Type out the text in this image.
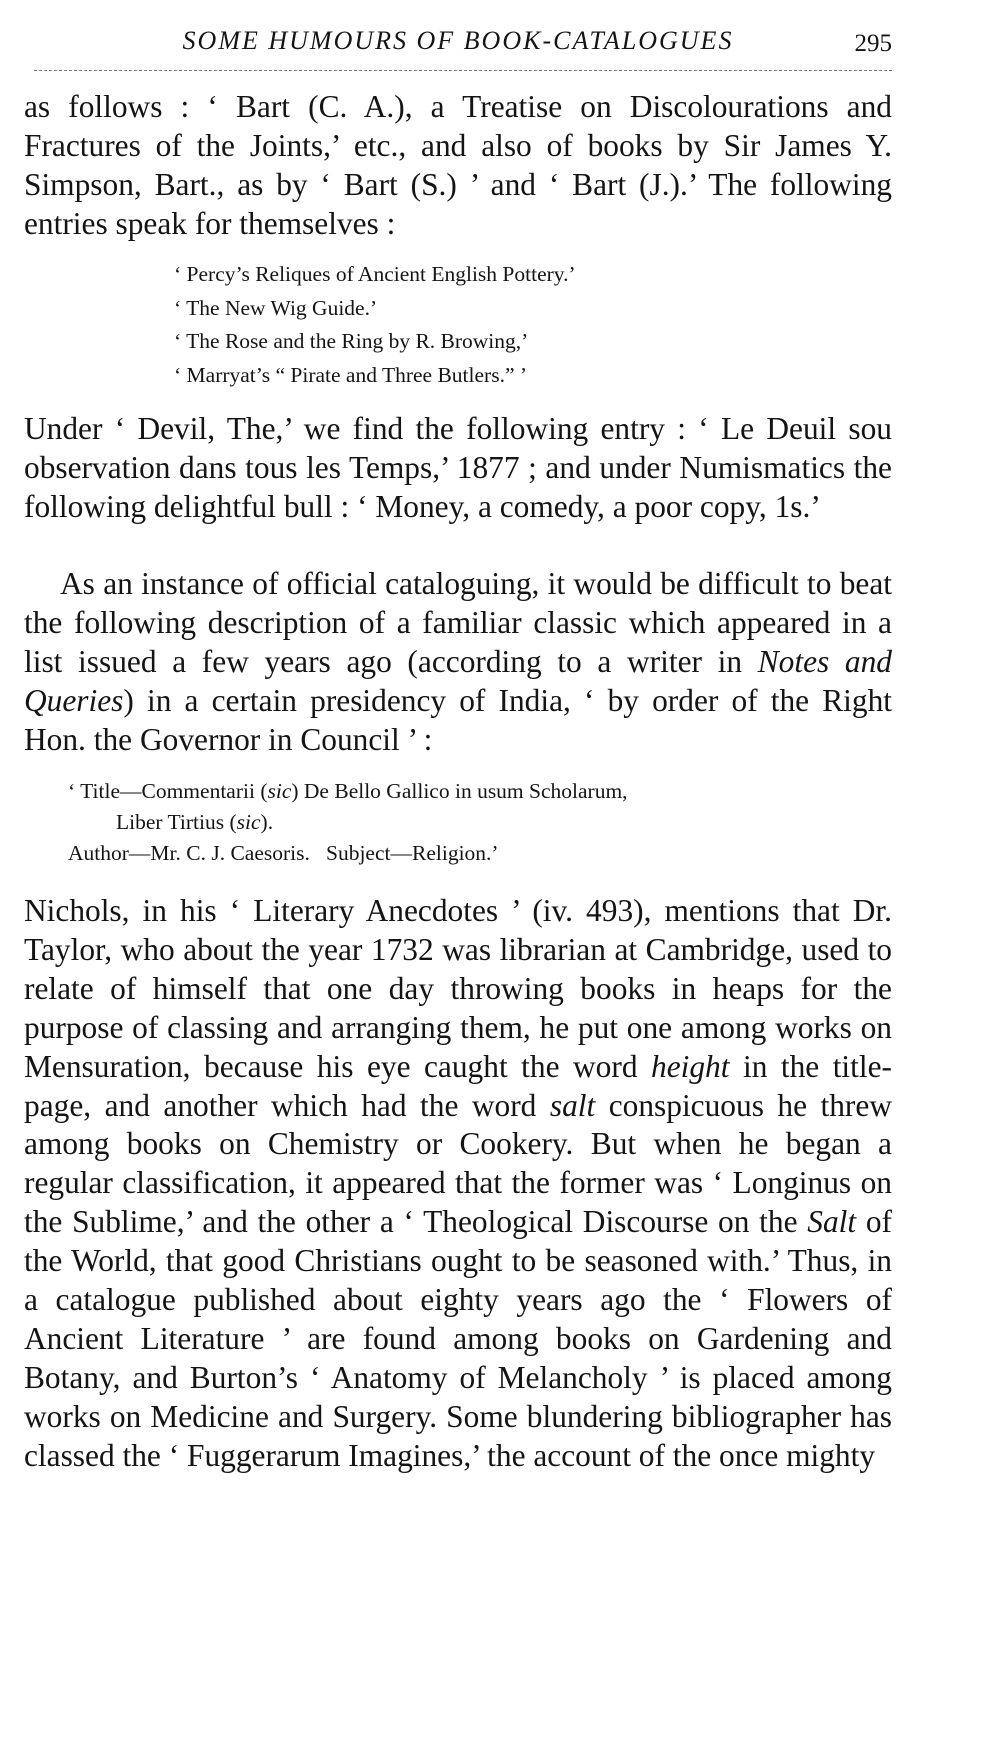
SOME HUMOURS OF BOOK-CATALOGUES	295

as follows : ‘ Bart (C. A.), a Treatise on Discolourations and Fractures of the Joints,’ etc., and also of books by Sir James Y. Simpson, Bart., as by ‘ Bart (S.) ’ and ‘ Bart (J.).’ The following entries speak for themselves :

‘ Percy’s Reliques of Ancient English Pottery.’
‘ The New Wig Guide.’
‘ The Rose and the Ring by R. Browing,’
‘ Marryat’s “ Pirate and Three Butlers.” ’

Under ‘ Devil, The,’ we find the following entry : ‘ Le Deuil sou observation dans tous les Temps,’ 1877 ; and under Numismatics the following delightful bull : ‘ Money, a comedy, a poor copy, 1s.’

As an instance of official cataloguing, it would be difficult to beat the following description of a familiar classic which appeared in a list issued a few years ago (according to a writer in Notes and Queries) in a certain presidency of India, ‘ by order of the Right Hon. the Governor in Council ’ :

‘ Title—Commentarii (sic) De Bello Gallico in usum Scholarum,
Liber Tirtius (sic).
Author—Mr. C. J. Caesoris. Subject—Religion.’

Nichols, in his ‘ Literary Anecdotes ’ (iv. 493), mentions that Dr. Taylor, who about the year 1732 was librarian at Cambridge, used to relate of himself that one day throwing books in heaps for the purpose of classing and arranging them, he put one among works on Mensuration, because his eye caught the word height in the title-page, and another which had the word salt conspicuous he threw among books on Chemistry or Cookery. But when he began a regular classification, it appeared that the former was ‘ Longinus on the Sublime,’ and the other a ‘ Theological Discourse on the Salt of the World, that good Christians ought to be seasoned with.’ Thus, in a catalogue published about eighty years ago the ‘ Flowers of Ancient Literature ’ are found among books on Gardening and Botany, and Burton’s ‘ Anatomy of Melancholy ’ is placed among works on Medicine and Surgery. Some blundering bibliographer has classed the ‘ Fuggerarum Imagines,’ the account of the once mighty
